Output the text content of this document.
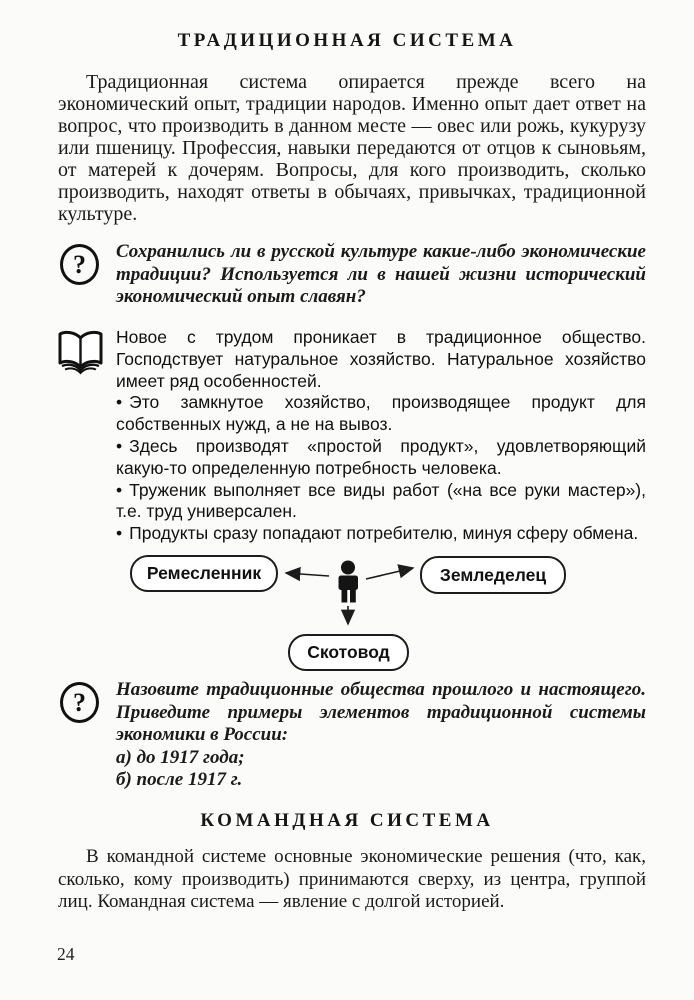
ТРАДИЦИОННАЯ СИСТЕМА
Традиционная система опирается прежде всего на экономический опыт, традиции народов. Именно опыт дает ответ на вопрос, что производить в данном месте — овес или рожь, кукурузу или пшеницу. Профессия, навыки передаются от отцов к сыновьям, от матерей к дочерям. Вопросы, для кого производить, сколько производить, находят ответы в обычаях, привычках, традиционной культуре.
?	Сохранились ли в русской культуре какие-либо экономические традиции? Используется ли в нашей жизни исторический экономический опыт славян?

Новое с трудом проникает в традиционное общество. Господствует натуральное хозяйство. Натуральное хозяйство имеет ряд особенностей.

• Это замкнутое хозяйство, производящее продукт для собственных нужд, а не на вывоз.

• Здесь производят «простой продукт», удовлетворяющий какую-то определенную потребность человека.

• Труженик выполняет все виды работ («на все руки мастер»), т.е. труд универсален.

• Продукты сразу попадают потребителю, минуя сферу обмена.

Ремесленник	Земледелец
Скотовод
?	Назовите традиционные общества прошлого и настоящего. Приведите примеры элементов традиционной системы экономики в России:
а) до 1917 года;
б) после 1917 г.
КОМАНДНАЯ СИСТЕМА
В командной системе основные экономические решения (что, как, сколько, кому производить) принимаются сверху, из центра, группой лиц. Командная система — явление с долгой историей.
24
